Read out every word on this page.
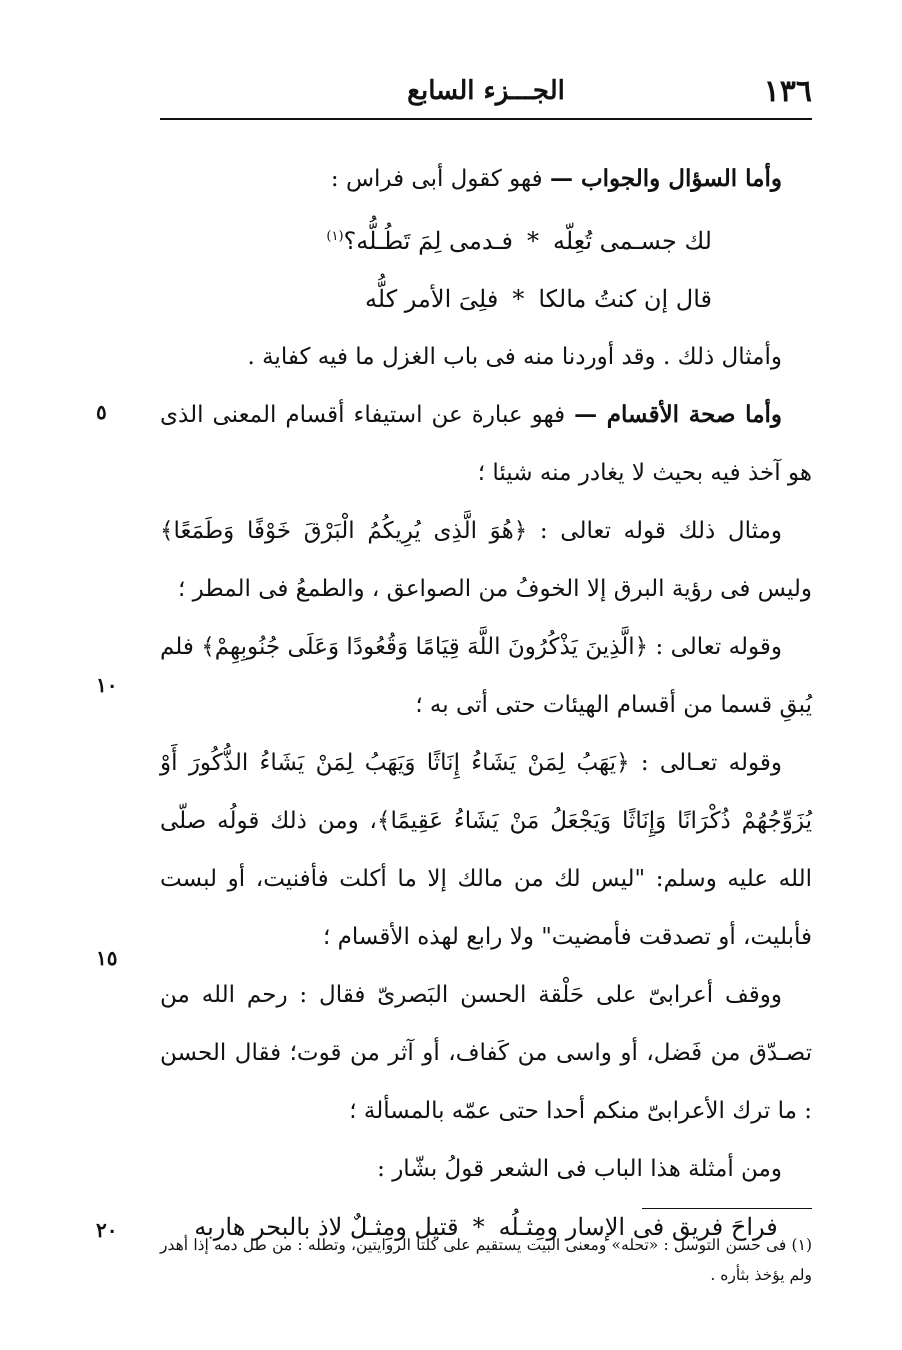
١٣٦
الجـــزء السابع
٥
١٠
١٥
٢٠

وأما السؤال والجواب — فهو كقول أبى فراس :

لك جسـمى تُعِلّه*فـدمى لِمَ تَطُـلُّه؟$^{(١)}$

قال إن كنتُ مالكا*فلِىَ الأمر كلُّه

وأمثال ذلك . وقد أوردنا منه فى باب الغزل ما فيه كفاية .

وأما صحة الأقسام — فهو عبارة عن استيفاء أقسام المعنى الذى هو آخذ فيه بحيث لا يغادر منه شيئا ؛

ومثال ذلك قوله تعالى : ﴿هُوَ الَّذِى يُرِيكُمُ الْبَرْقَ خَوْفًا وَطَمَعًا﴾ وليس فى رؤية البرق إلا الخوفُ من الصواعق ، والطمعُ فى المطر ؛

وقوله تعالى : ﴿الَّذِينَ يَذْكُرُونَ اللَّهَ قِيَامًا وَقُعُودًا وَعَلَى جُنُوبِهِمْ﴾ فلم يُبقِ قسما من أقسام الهيئات حتى أتى به ؛

وقوله تعـالى : ﴿يَهَبُ لِمَنْ يَشَاءُ إِنَاثًا وَيَهَبُ لِمَنْ يَشَاءُ الذُّكُورَ أَوْ يُزَوِّجُهُمْ ذُكْرَانًا وَإِنَاثًا وَيَجْعَلُ مَنْ يَشَاءُ عَقِيمًا﴾، ومن ذلك قولُه صلّى الله عليه وسلم: "ليس لك من مالك إلا ما أكلت فأفنيت، أو لبست فأبليت، أو تصدقت فأمضيت" ولا رابع لهذه الأقسام ؛

ووقف أعرابىّ على حَلْقة الحسن البَصرىّ فقال : رحم الله من تصـدّق من فَضل، أو واسى من كَفاف، أو آثر من قوت؛ فقال الحسن : ما ترك الأعرابىّ منكم أحدا حتى عمّه بالمسألة ؛

ومن أمثلة هذا الباب فى الشعر قولُ بشّار :

فراحَ فريق فى الإسار ومِثـلُه*قتيل ومِثـلٌ لاذ بالبحر هاربه

(١) فى حسن التوسل : «تحله» ومعنى البيت يستقيم على كلتا الروايتين، وتطله : من طل دمه إذا أهدر ولم يؤخذ بثأره .
